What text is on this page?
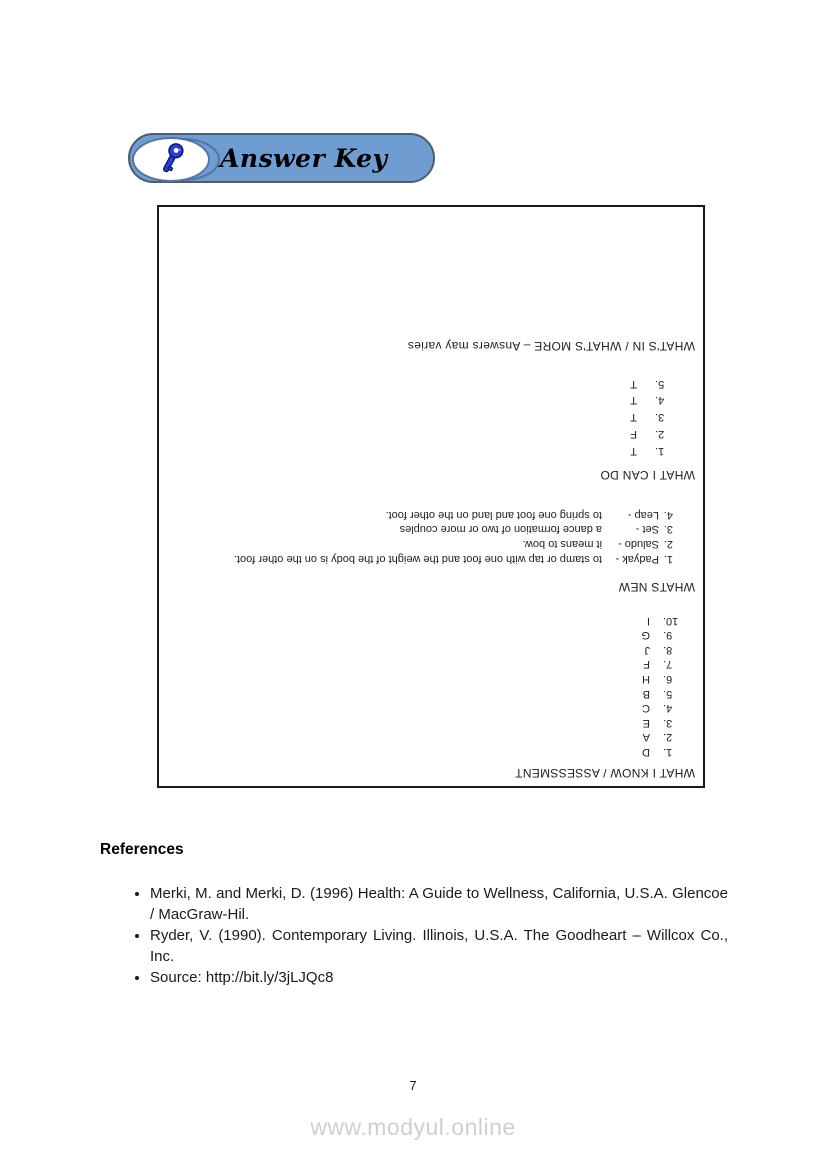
Answer Key
WHAT I KNOW / ASSESSMENT
1.
D
2.
A
3.
E
4.
C
5.
B
6.
H
7.
F
8.
J
9.
G
10.
I
WHATS NEW
1.
Padyak -
to stamp or tap with one foot and the weight of the body is on the other foot.
2.
Saludo -
it means to bow.
3.
Set -
a dance formation of two or more couples
4.
Leap -
to spring one foot and land on the other foot.
WHAT I CAN DO
1.
T
2.
F
3.
T
4.
T
5.
T
WHAT'S IN / WHAT'S MORE – Answers may varies
References
• Merki, M. and Merki, D. (1996) Health: A Guide to Wellness, California, U.S.A. Glencoe / MacGraw-Hil.
• Ryder, V. (1990). Contemporary Living. Illinois, U.S.A. The Goodheart – Willcox Co., Inc.
• Source: http://bit.ly/3jLJQc8
7
www.modyul.online
